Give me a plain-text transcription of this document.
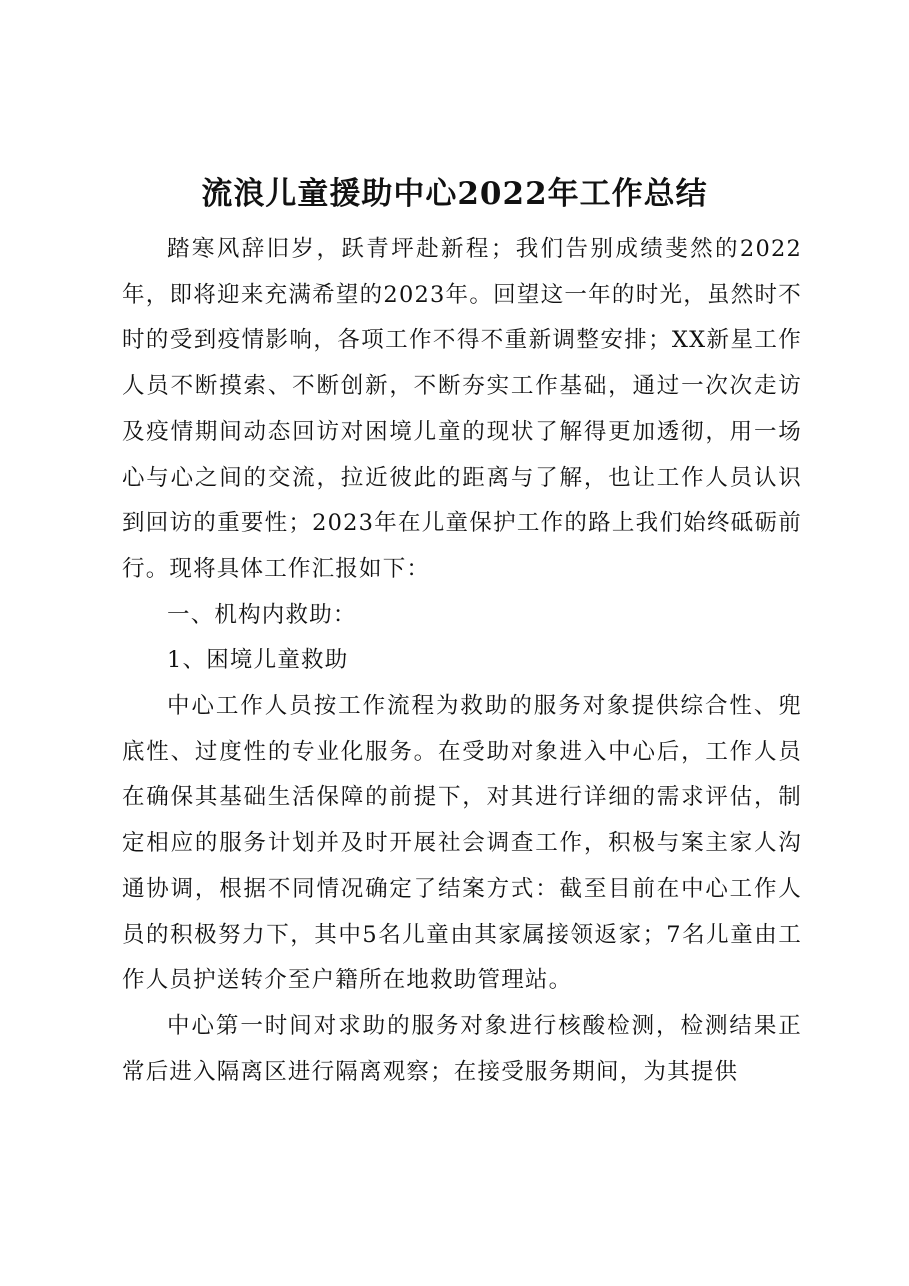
流浪儿童援助中心2022年工作总结

踏寒风辞旧岁，跃青坪赴新程；我们告别成绩斐然的2022年，即将迎来充满希望的2023年。回望这一年的时光，虽然时不时的受到疫情影响，各项工作不得不重新调整安排；XX新星工作人员不断摸索、不断创新，不断夯实工作基础，通过一次次走访及疫情期间动态回访对困境儿童的现状了解得更加透彻，用一场心与心之间的交流，拉近彼此的距离与了解，也让工作人员认识到回访的重要性；2023年在儿童保护工作的路上我们始终砥砺前行。现将具体工作汇报如下：

一、机构内救助：

1、困境儿童救助

中心工作人员按工作流程为救助的服务对象提供综合性、兜底性、过度性的专业化服务。在受助对象进入中心后，工作人员在确保其基础生活保障的前提下，对其进行详细的需求评估，制定相应的服务计划并及时开展社会调查工作，积极与案主家人沟通协调，根据不同情况确定了结案方式：截至目前在中心工作人员的积极努力下，其中5名儿童由其家属接领返家；7名儿童由工作人员护送转介至户籍所在地救助管理站。

中心第一时间对求助的服务对象进行核酸检测，检测结果正常后进入隔离区进行隔离观察；在接受服务期间，为其提供
